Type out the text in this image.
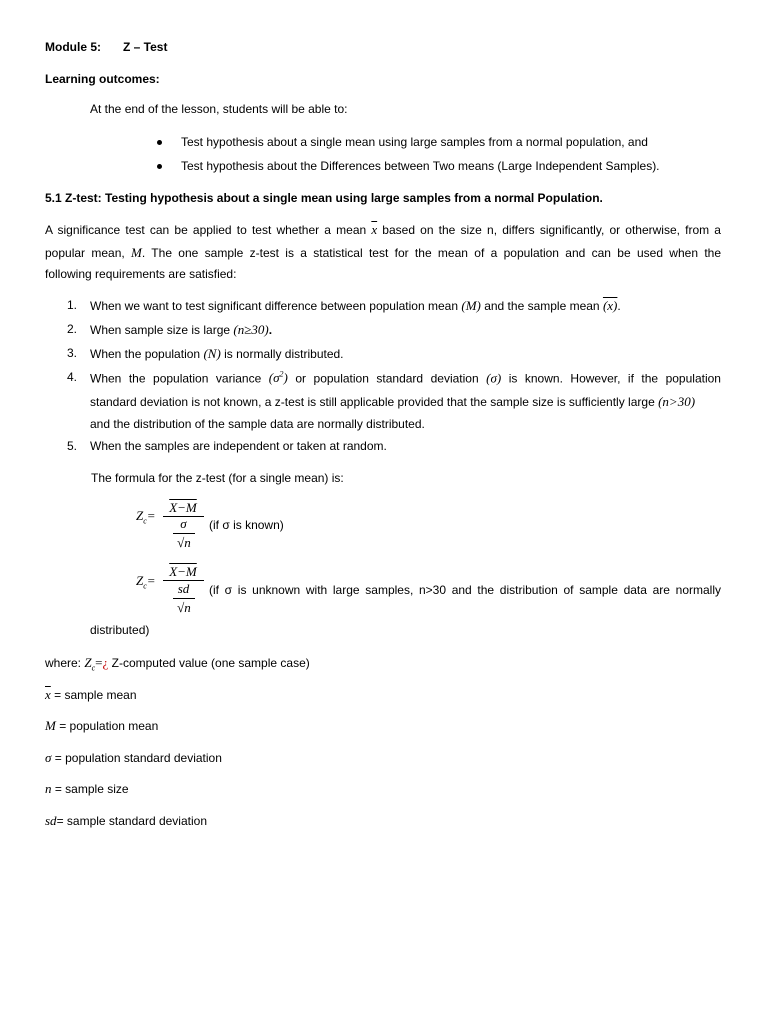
Module 5: Z – Test
Learning outcomes:
At the end of the lesson, students will be able to:
Test hypothesis about a single mean using large samples from a normal population, and
Test hypothesis about the Differences between Two means (Large Independent Samples).
5.1 Z-test: Testing hypothesis about a single mean using large samples from a normal Population.
A significance test can be applied to test whether a mean $\overline{x}$ based on the size n, differs significantly, or otherwise, from a
popular mean, M. The one sample z-test is a statistical test for the mean of a population and can be used when the
following requirements are satisfied:
1.	When we want to test significant difference between population mean (M) and the sample mean (x).
2.	When sample size is large (n≥30).
3.	When the population (N) is normally distributed.
4.	When the population variance $(\sigma^2)$ or population standard deviation (σ) is known. However, if the population
standard deviation is not known, a z-test is still applicable provided that the sample size is sufficiently large (n>30)
and the distribution of the sample data are normally distributed.
5.	When the samples are independent or taken at random.
The formula for the z-test (for a single mean) is:
$Z_c=$
X−M
σ
√n
(if σ is known)
$Z_c=$
X−M
sd
√n
(if σ is unknown with large samples, n>30 and the distribution of sample data are normally
distributed)
where: $Z_c=¿$ Z-computed value (one sample case)
$\overline{x}$ = sample mean
M = population mean
σ = population standard deviation
n = sample size
sd= sample standard deviation
